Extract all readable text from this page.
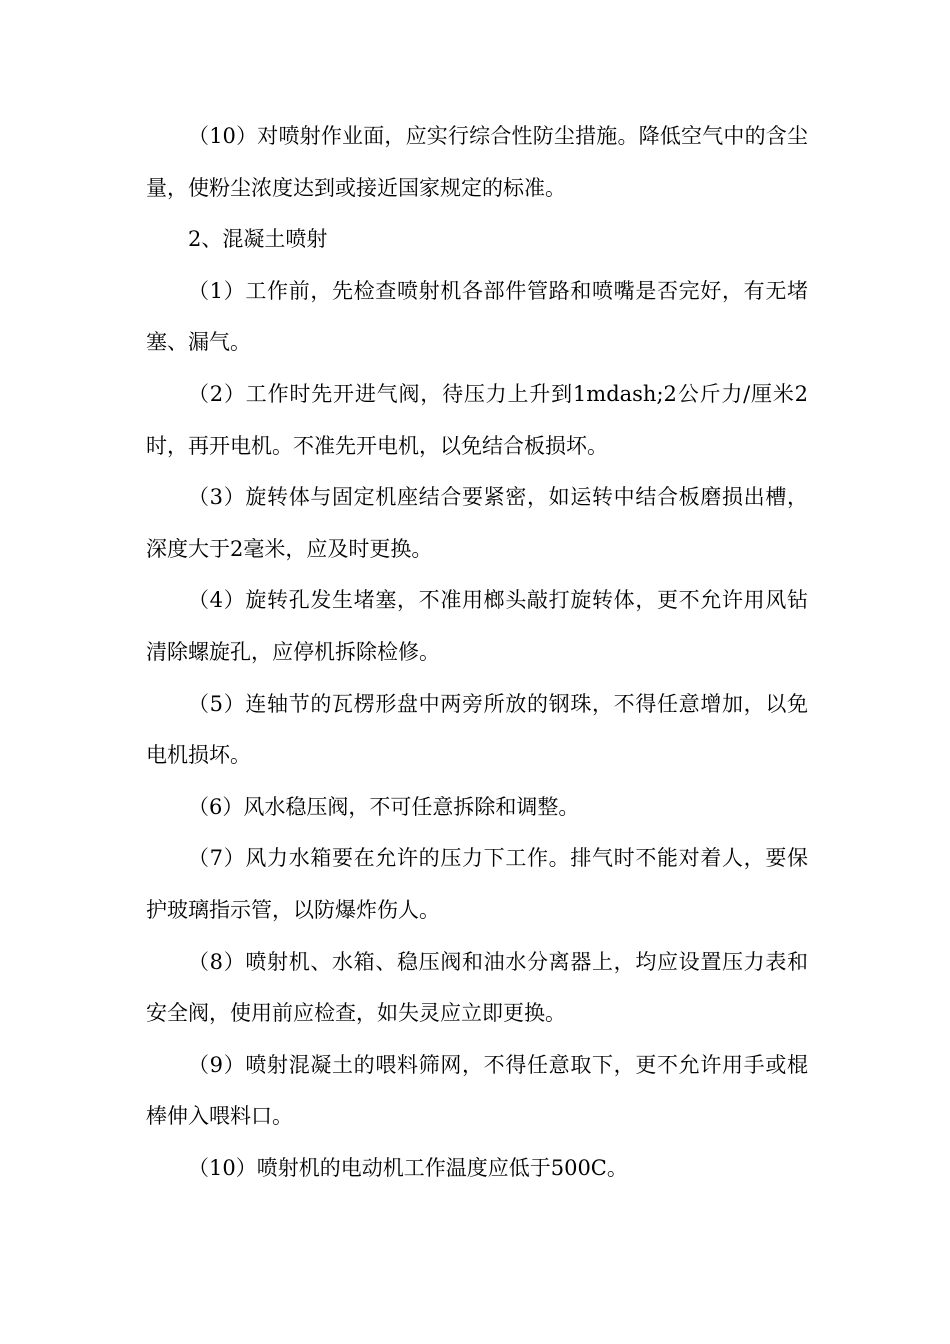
（10）对喷射作业面，应实行综合性防尘措施。降低空气中的含尘量，使粉尘浓度达到或接近国家规定的标准。

2、混凝土喷射

（1）工作前，先检查喷射机各部件管路和喷嘴是否完好，有无堵塞、漏气。

（2）工作时先开进气阀，待压力上升到1mdash;2公斤力/厘米2时，再开电机。不准先开电机，以免结合板损坏。

（3）旋转体与固定机座结合要紧密，如运转中结合板磨损出槽，深度大于2毫米，应及时更换。

（4）旋转孔发生堵塞，不准用榔头敲打旋转体，更不允许用风钻清除螺旋孔，应停机拆除检修。

（5）连轴节的瓦楞形盘中两旁所放的钢珠，不得任意增加，以免电机损坏。

（6）风水稳压阀，不可任意拆除和调整。

（7）风力水箱要在允许的压力下工作。排气时不能对着人，要保护玻璃指示管，以防爆炸伤人。

（8）喷射机、水箱、稳压阀和油水分离器上，均应设置压力表和安全阀，使用前应检查，如失灵应立即更换。

（9）喷射混凝土的喂料筛网，不得任意取下，更不允许用手或棍棒伸入喂料口。

（10）喷射机的电动机工作温度应低于500C。
